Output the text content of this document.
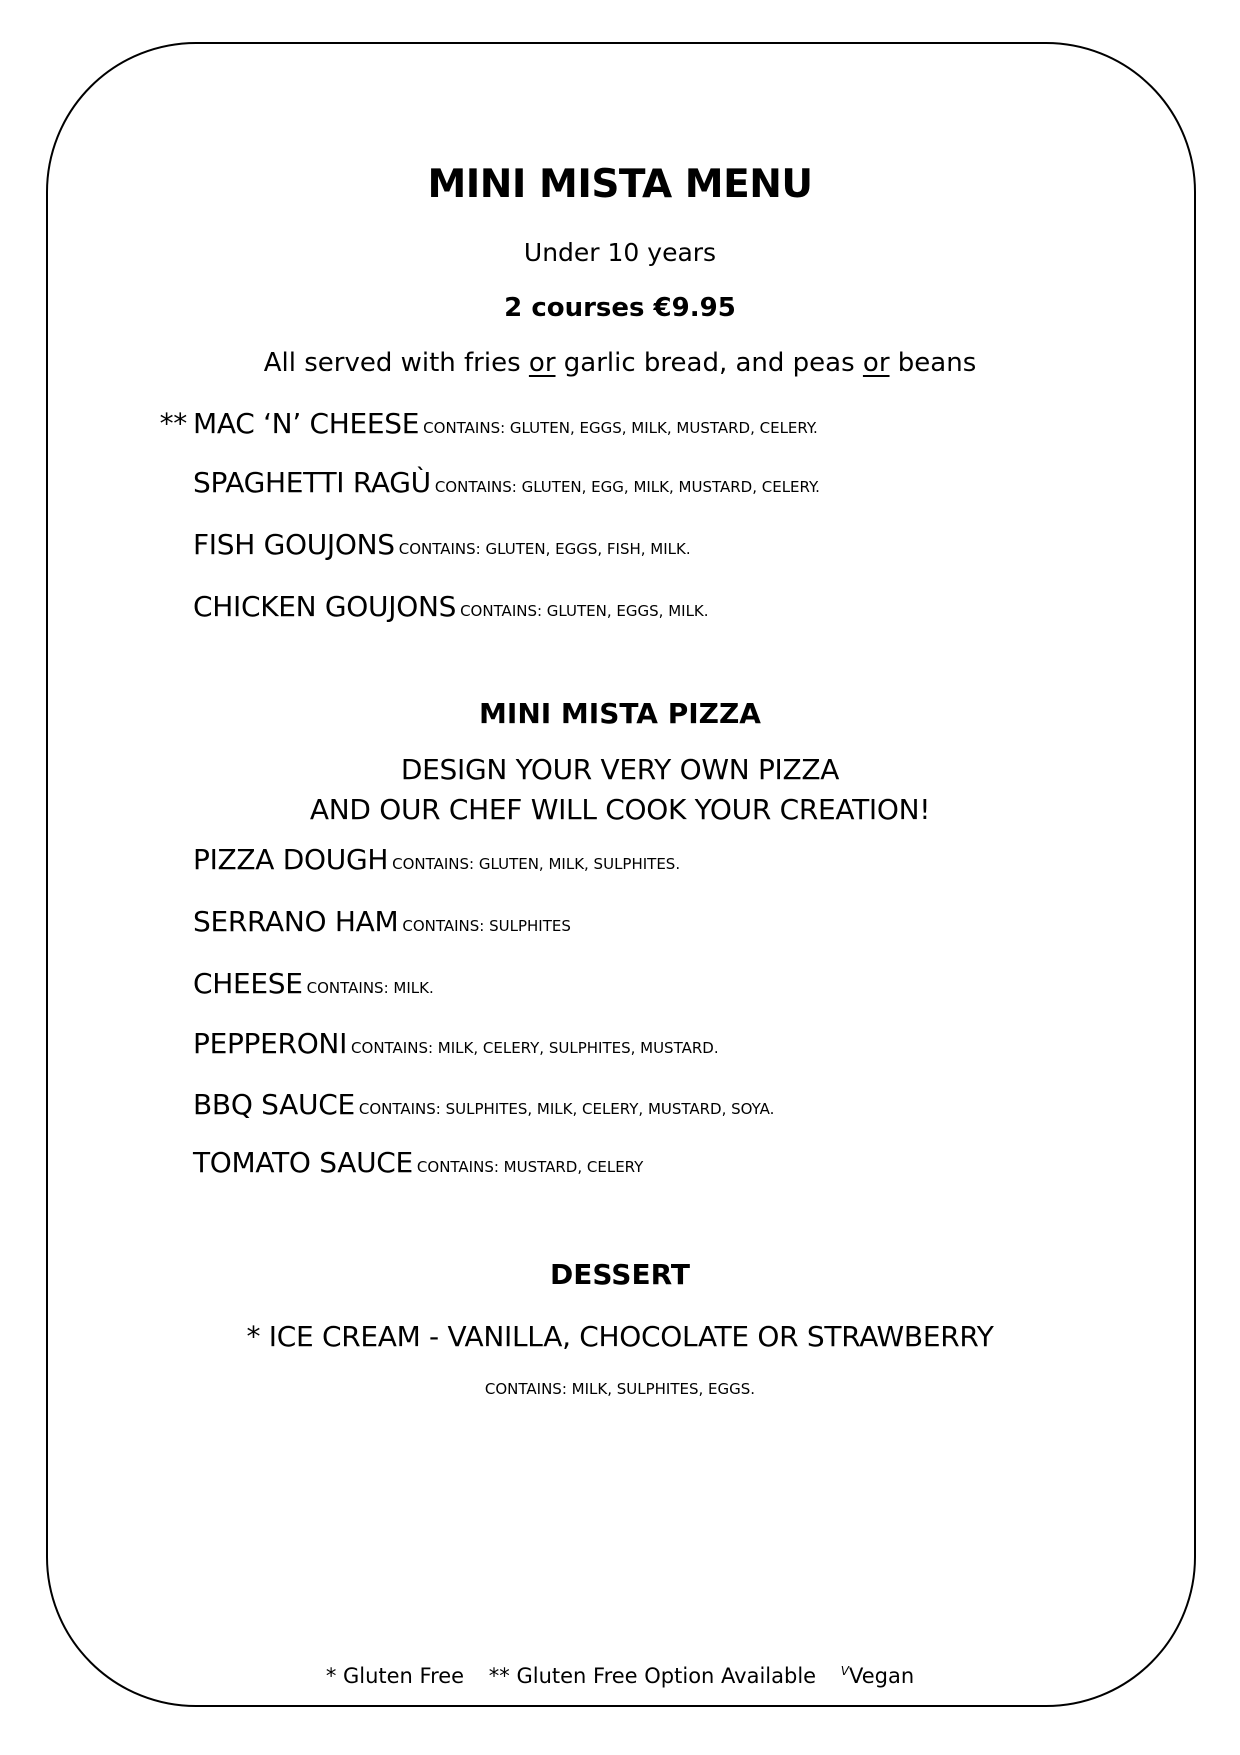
MINI MISTA MENU
Under 10 years
2 courses €9.95
All served with fries or garlic bread, and peas or beans
** MAC ‘N’ CHEESE CONTAINS: GLUTEN, EGGS, MILK, MUSTARD, CELERY.
SPAGHETTI RAGÙ CONTAINS: GLUTEN, EGG, MILK, MUSTARD, CELERY.
FISH GOUJONS CONTAINS: GLUTEN, EGGS, FISH, MILK.
CHICKEN GOUJONS CONTAINS: GLUTEN, EGGS, MILK.
MINI MISTA PIZZA
DESIGN YOUR VERY OWN PIZZA
AND OUR CHEF WILL COOK YOUR CREATION!
PIZZA DOUGH CONTAINS: GLUTEN, MILK, SULPHITES.
SERRANO HAM CONTAINS: SULPHITES
CHEESE CONTAINS: MILK.
PEPPERONI CONTAINS: MILK, CELERY, SULPHITES, MUSTARD.
BBQ SAUCE CONTAINS: SULPHITES, MILK, CELERY, MUSTARD, SOYA.
TOMATO SAUCE CONTAINS: MUSTARD, CELERY
DESSERT
* ICE CREAM - VANILLA, CHOCOLATE OR STRAWBERRY
CONTAINS: MILK, SULPHITES, EGGS.
* Gluten Free ** Gluten Free Option Available $^V$Vegan
